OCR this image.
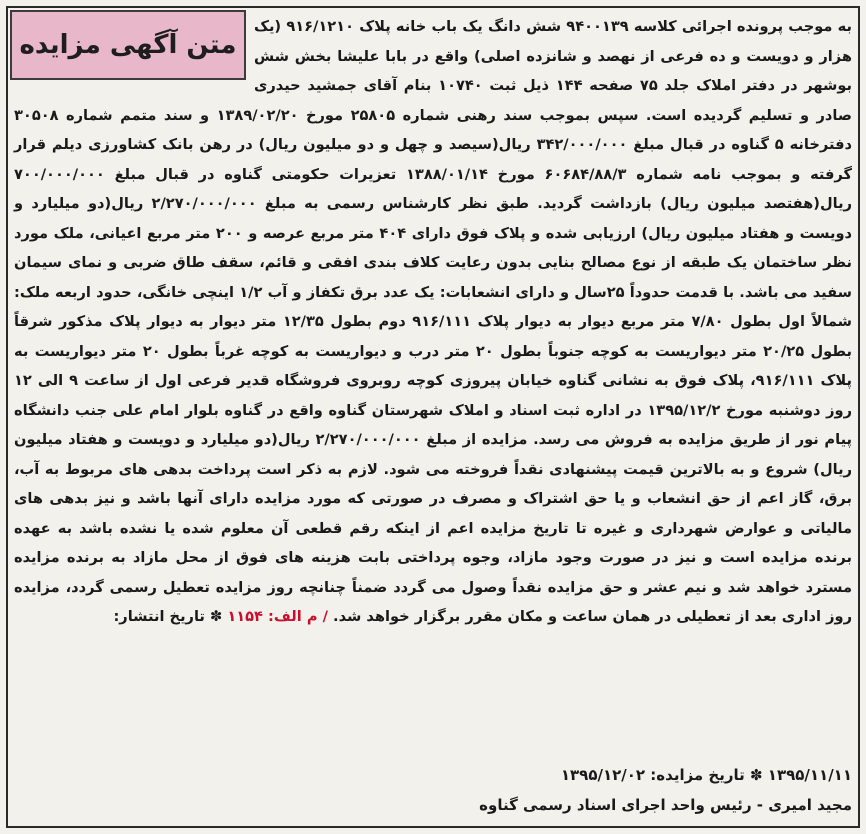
متن آگهی مزایده
به موجب پرونده اجرائی کلاسه ۹۴۰۰۱۳۹ شش دانگ یک باب خانه پلاک ۹۱۶/۱۲۱۰ (یک هزار و دویست و ده فرعی از نهصد و شانزده اصلی) واقع در بابا علیشا بخش شش بوشهر در دفتر املاک جلد ۷۵ صفحه ۱۴۴ ذیل ثبت ۱۰۷۴۰ بنام آقای جمشید حیدری صادر و تسلیم گردیده است. سپس بموجب سند رهنی شماره ۲۵۸۰۵ مورخ ۱۳۸۹/۰۲/۲۰ و سند متمم شماره ۳۰۵۰۸ دفترخانه ۵ گناوه در قبال مبلغ ۳۴۲/۰۰۰/۰۰۰ ریال(سیصد و چهل و دو میلیون ریال) در رهن بانک کشاورزی دیلم قرار گرفته و بموجب نامه شماره ۶۰۶۸۴/۸۸/۳ مورخ ۱۳۸۸/۰۱/۱۴ تعزیرات حکومتی گناوه در قبال مبلغ ۷۰۰/۰۰۰/۰۰۰ ریال(هفتصد میلیون ریال) بازداشت گردید. طبق نظر کارشناس رسمی به مبلغ ۲/۲۷۰/۰۰۰/۰۰۰ ریال(دو میلیارد و دویست و هفتاد میلیون ریال) ارزیابی شده و پلاک فوق دارای ۴۰۴ متر مربع عرصه و ۲۰۰ متر مربع اعیانی، ملک مورد نظر ساختمان یک طبقه از نوع مصالح بنایی بدون رعایت کلاف بندی افقی و قائم، سقف طاق ضربی و نمای سیمان سفید می باشد. با قدمت حدوداً ۲۵سال و دارای انشعابات: یک عدد برق تکفاز و آب ۱/۲ اینچی خانگی، حدود اربعه ملک: شمالاً اول بطول ۷/۸۰ متر مربع دیوار به دیوار پلاک ۹۱۶/۱۱۱ دوم بطول ۱۲/۳۵ متر دیوار به دیوار پلاک مذکور شرقاً بطول ۲۰/۲۵ متر دیواریست به کوچه جنوباً بطول ۲۰ متر درب و دیواریست به کوچه غرباً بطول ۲۰ متر دیواریست به پلاک ۹۱۶/۱۱۱، پلاک فوق به نشانی گناوه خیابان پیروزی کوچه روبروی فروشگاه قدیر فرعی اول از ساعت ۹ الی ۱۲ روز دوشنبه مورخ ۱۳۹۵/۱۲/۲ در اداره ثبت اسناد و املاک شهرستان گناوه واقع در گناوه بلوار امام علی جنب دانشگاه پیام نور از طریق مزایده به فروش می رسد. مزایده از مبلغ ۲/۲۷۰/۰۰۰/۰۰۰ ریال(دو میلیارد و دویست و هفتاد میلیون ریال) شروع و به بالاترین قیمت پیشنهادی نقداً فروخته می شود. لازم به ذکر است پرداخت بدهی های مربوط به آب، برق، گاز اعم از حق انشعاب و یا حق اشتراک و مصرف در صورتی که مورد مزایده دارای آنها باشد و نیز بدهی های مالیاتی و عوارض شهرداری و غیره تا تاریخ مزایده اعم از اینکه رقم قطعی آن معلوم شده یا نشده باشد به عهده برنده مزایده است و نیز در صورت وجود مازاد، وجوه پرداختی بابت هزینه های فوق از محل مازاد به برنده مزایده مسترد خواهد شد و نیم عشر و حق مزایده نقداً وصول می گردد ضمناً چنانچه روز مزایده تعطیل رسمی گردد، مزایده روز اداری بعد از تعطیلی در همان ساعت و مکان مقرر برگزار خواهد شد. / م الف: ۱۱۵۴ ✽ تاریخ انتشار:
۱۳۹۵/۱۱/۱۱ ✽ تاریخ مزایده: ۱۳۹۵/۱۲/۰۲
مجید امیری - رئیس واحد اجرای اسناد رسمی گناوه
